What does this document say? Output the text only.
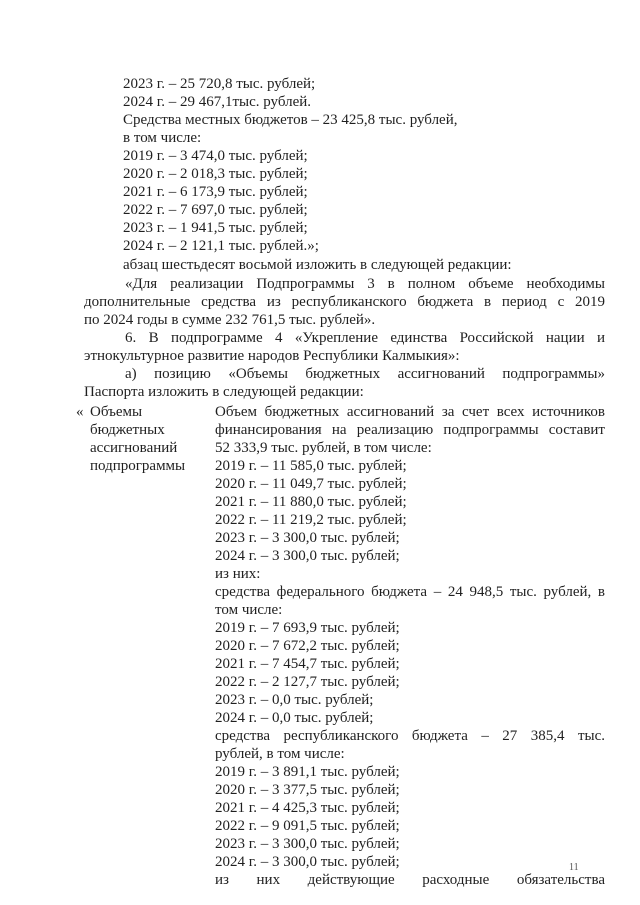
2023 г. – 25 720,8 тыс. рублей;
2024 г. – 29 467,1тыс. рублей.
Средства местных бюджетов – 23 425,8 тыс. рублей,
в том числе:
2019 г. – 3 474,0 тыс. рублей;
2020 г. – 2 018,3 тыс. рублей;
2021 г. – 6 173,9 тыс. рублей;
2022 г. – 7 697,0 тыс. рублей;
2023 г. – 1 941,5 тыс. рублей;
2024 г. – 2 121,1 тыс. рублей.»;
абзац шестьдесят восьмой изложить в следующей редакции:
«Для реализации Подпрограммы 3 в полном объеме необходимы
дополнительные средства из республиканского бюджета в период с 2019
по 2024 годы в сумме 232 761,5 тыс. рублей».
6. В подпрограмме 4 «Укрепление единства Российской нации и
этнокультурное развитие народов Республики Калмыкия»:
а) позицию «Объемы бюджетных ассигнований подпрограммы»
Паспорта изложить в следующей редакции:
« Объемы
бюджетных
ассигнований
подпрограммы
Объем бюджетных ассигнований за счет всех источников
финансирования на реализацию подпрограммы составит
52 333,9 тыс. рублей, в том числе:
2019 г. – 11 585,0 тыс. рублей;
2020 г. – 11 049,7 тыс. рублей;
2021 г. – 11 880,0 тыс. рублей;
2022 г. – 11 219,2 тыс. рублей;
2023 г. – 3 300,0 тыс. рублей;
2024 г. – 3 300,0 тыс. рублей;
из них:
средства федерального бюджета – 24 948,5 тыс. рублей, в
том числе:
2019 г. – 7 693,9 тыс. рублей;
2020 г. – 7 672,2 тыс. рублей;
2021 г. – 7 454,7 тыс. рублей;
2022 г. – 2 127,7 тыс. рублей;
2023 г. – 0,0 тыс. рублей;
2024 г. – 0,0 тыс. рублей;
средства республиканского бюджета – 27 385,4 тыс.
рублей, в том числе:
2019 г. – 3 891,1 тыс. рублей;
2020 г. – 3 377,5 тыс. рублей;
2021 г. – 4 425,3 тыс. рублей;
2022 г. – 9 091,5 тыс. рублей;
2023 г. – 3 300,0 тыс. рублей;
2024 г. – 3 300,0 тыс. рублей;
из них действующие расходные обязательства
11
